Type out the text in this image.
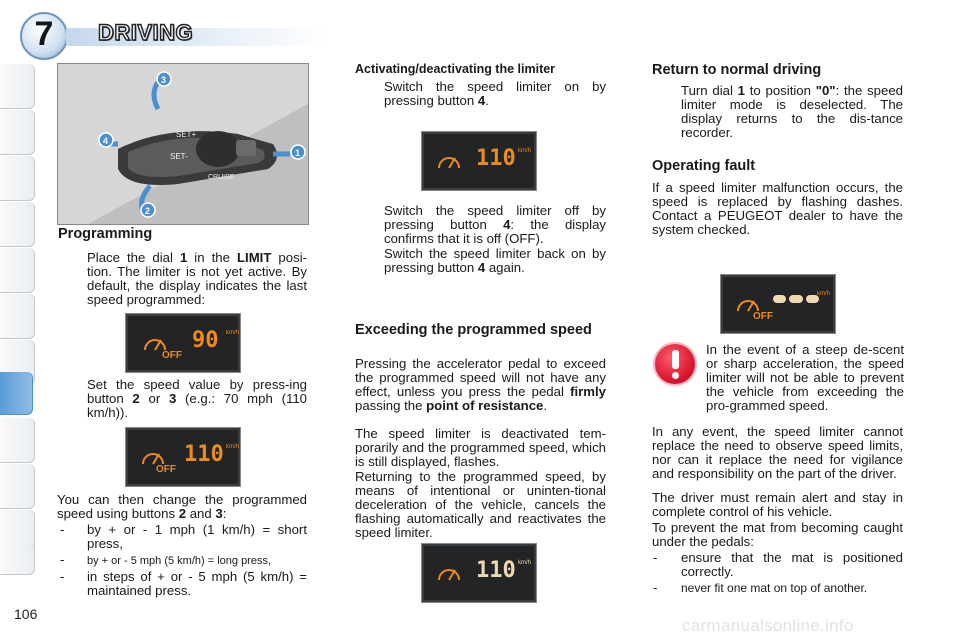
7	DRIVING
SET+
SET-
CRUISE
3
1
4
2
Programming

Place the dial 1 in the LIMIT posi-tion. The limiter is not yet active. By default, the display indicates the last speed programmed:

OFF
90 km/h

Set the speed value by press-ing button 2 or 3 (e.g.: 70 mph (110 km/h)).

OFF
110 km/h

You can then change the programmed speed using buttons 2 and 3:

- by + or - 1 mph (1 km/h) = short press,

- by + or - 5 mph (5 km/h) = long press,

- in steps of + or - 5 mph (5 km/h) = maintained press.

106
Activating/deactivating the limiter

Switch the speed limiter on by pressing button 4.

110 km/h

Switch the speed limiter off by pressing button 4: the display confirms that it is off (OFF).

Switch the speed limiter back on by pressing button 4 again.

Exceeding the programmed speed

Pressing the accelerator pedal to exceed the programmed speed will not have any effect, unless you press the pedal firmly passing the point of resistance.

The speed limiter is deactivated tem-porarily and the programmed speed, which is still displayed, flashes.

Returning to the programmed speed, by means of intentional or uninten-tional deceleration of the vehicle, cancels the flashing automatically and reactivates the speed limiter.

110 km/h
Return to normal driving

Turn dial 1 to position "0": the speed limiter mode is deselected. The display returns to the dis-tance recorder.

Operating fault

If a speed limiter malfunction occurs, the speed is replaced by flashing dashes. Contact a PEUGEOT dealer to have the system checked.

OFF
km/h

In the event of a steep de-scent or sharp acceleration, the speed limiter will not be able to prevent the vehicle from exceeding the pro-grammed speed.

In any event, the speed limiter cannot replace the need to observe speed limits, nor can it replace the need for vigilance and responsibility on the part of the driver.

The driver must remain alert and stay in complete control of his vehicle.

To prevent the mat from becoming caught under the pedals:

- ensure that the mat is positioned correctly.

- never fit one mat on top of another.

carmanualsonline.info
